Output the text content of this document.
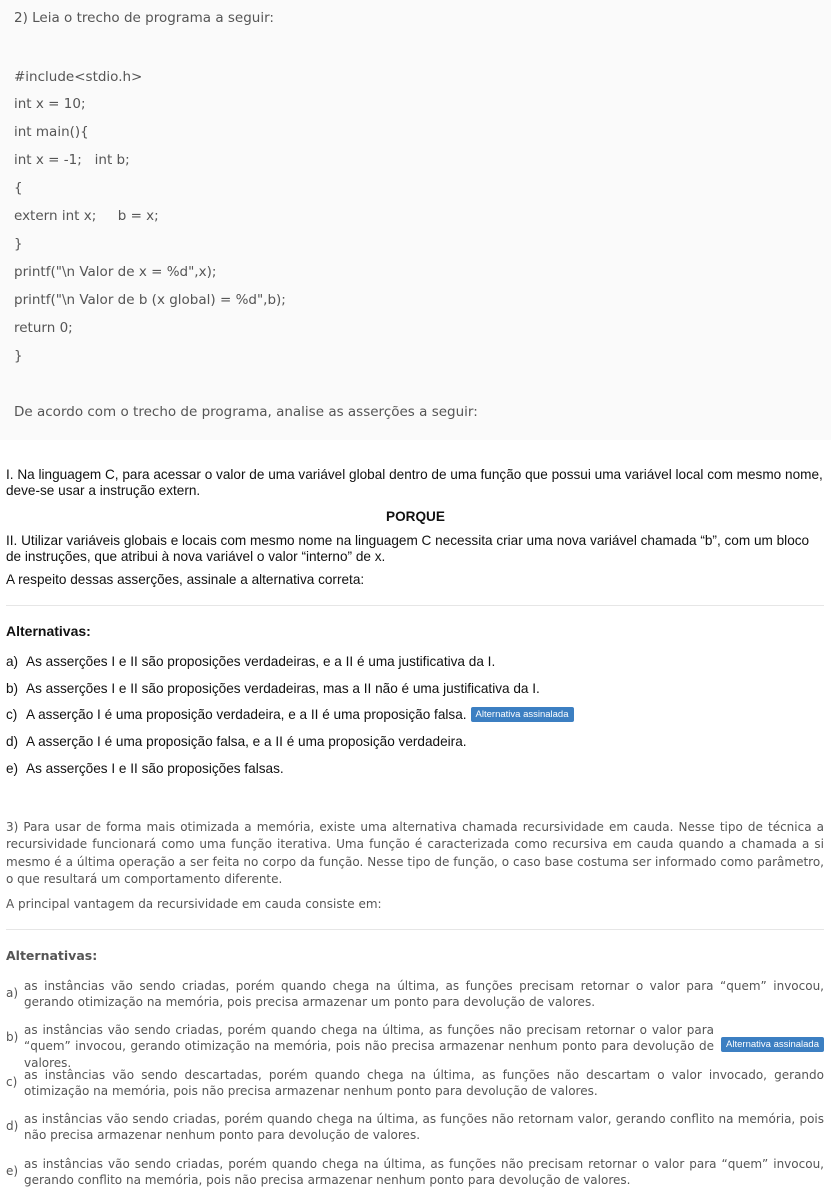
2) Leia o trecho de programa a seguir:
#include<stdio.h>
int x = 10;
int main(){
int x = -1;   int b;
{
extern int x;     b = x;
}
printf("\n Valor de x = %d",x);
printf("\n Valor de b (x global) = %d",b);
return 0;
}
De acordo com o trecho de programa, analise as asserções a seguir:
I. Na linguagem C, para acessar o valor de uma variável global dentro de uma função que possui uma variável local com mesmo nome, deve-se usar a instrução extern.
PORQUE
II. Utilizar variáveis globais e locais com mesmo nome na linguagem C necessita criar uma nova variável chamada “b”, com um bloco de instruções, que atribui à nova variável o valor “interno” de x.
A respeito dessas asserções, assinale a alternativa correta:
Alternativas:
a) As asserções I e II são proposições verdadeiras, e a II é uma justificativa da I.
b) As asserções I e II são proposições verdadeiras, mas a II não é uma justificativa da I.
c) A asserção I é uma proposição verdadeira, e a II é uma proposição falsa. Alternativa assinalada
d) A asserção I é uma proposição falsa, e a II é uma proposição verdadeira.
e) As asserções I e II são proposições falsas.
3) Para usar de forma mais otimizada a memória, existe uma alternativa chamada recursividade em cauda. Nesse tipo de técnica a recursividade funcionará como uma função iterativa. Uma função é caracterizada como recursiva em cauda quando a chamada a si mesmo é a última operação a ser feita no corpo da função. Nesse tipo de função, o caso base costuma ser informado como parâmetro, o que resultará um comportamento diferente.
A principal vantagem da recursividade em cauda consiste em:
Alternativas:
a) as instâncias vão sendo criadas, porém quando chega na última, as funções precisam retornar o valor para “quem” invocou, gerando otimização na memória, pois precisa armazenar um ponto para devolução de valores.
b) as instâncias vão sendo criadas, porém quando chega na última, as funções não precisam retornar o valor para “quem” invocou, gerando otimização na memória, pois não precisa armazenar nenhum ponto para devolução de valores.
Alternativa assinalada
c) as instâncias vão sendo descartadas, porém quando chega na última, as funções não descartam o valor invocado, gerando otimização na memória, pois não precisa armazenar nenhum ponto para devolução de valores.
d) as instâncias vão sendo criadas, porém quando chega na última, as funções não retornam valor, gerando conflito na memória, pois não precisa armazenar nenhum ponto para devolução de valores.
e) as instâncias vão sendo criadas, porém quando chega na última, as funções não precisam retornar o valor para “quem” invocou, gerando conflito na memória, pois não precisa armazenar nenhum ponto para devolução de valores.
